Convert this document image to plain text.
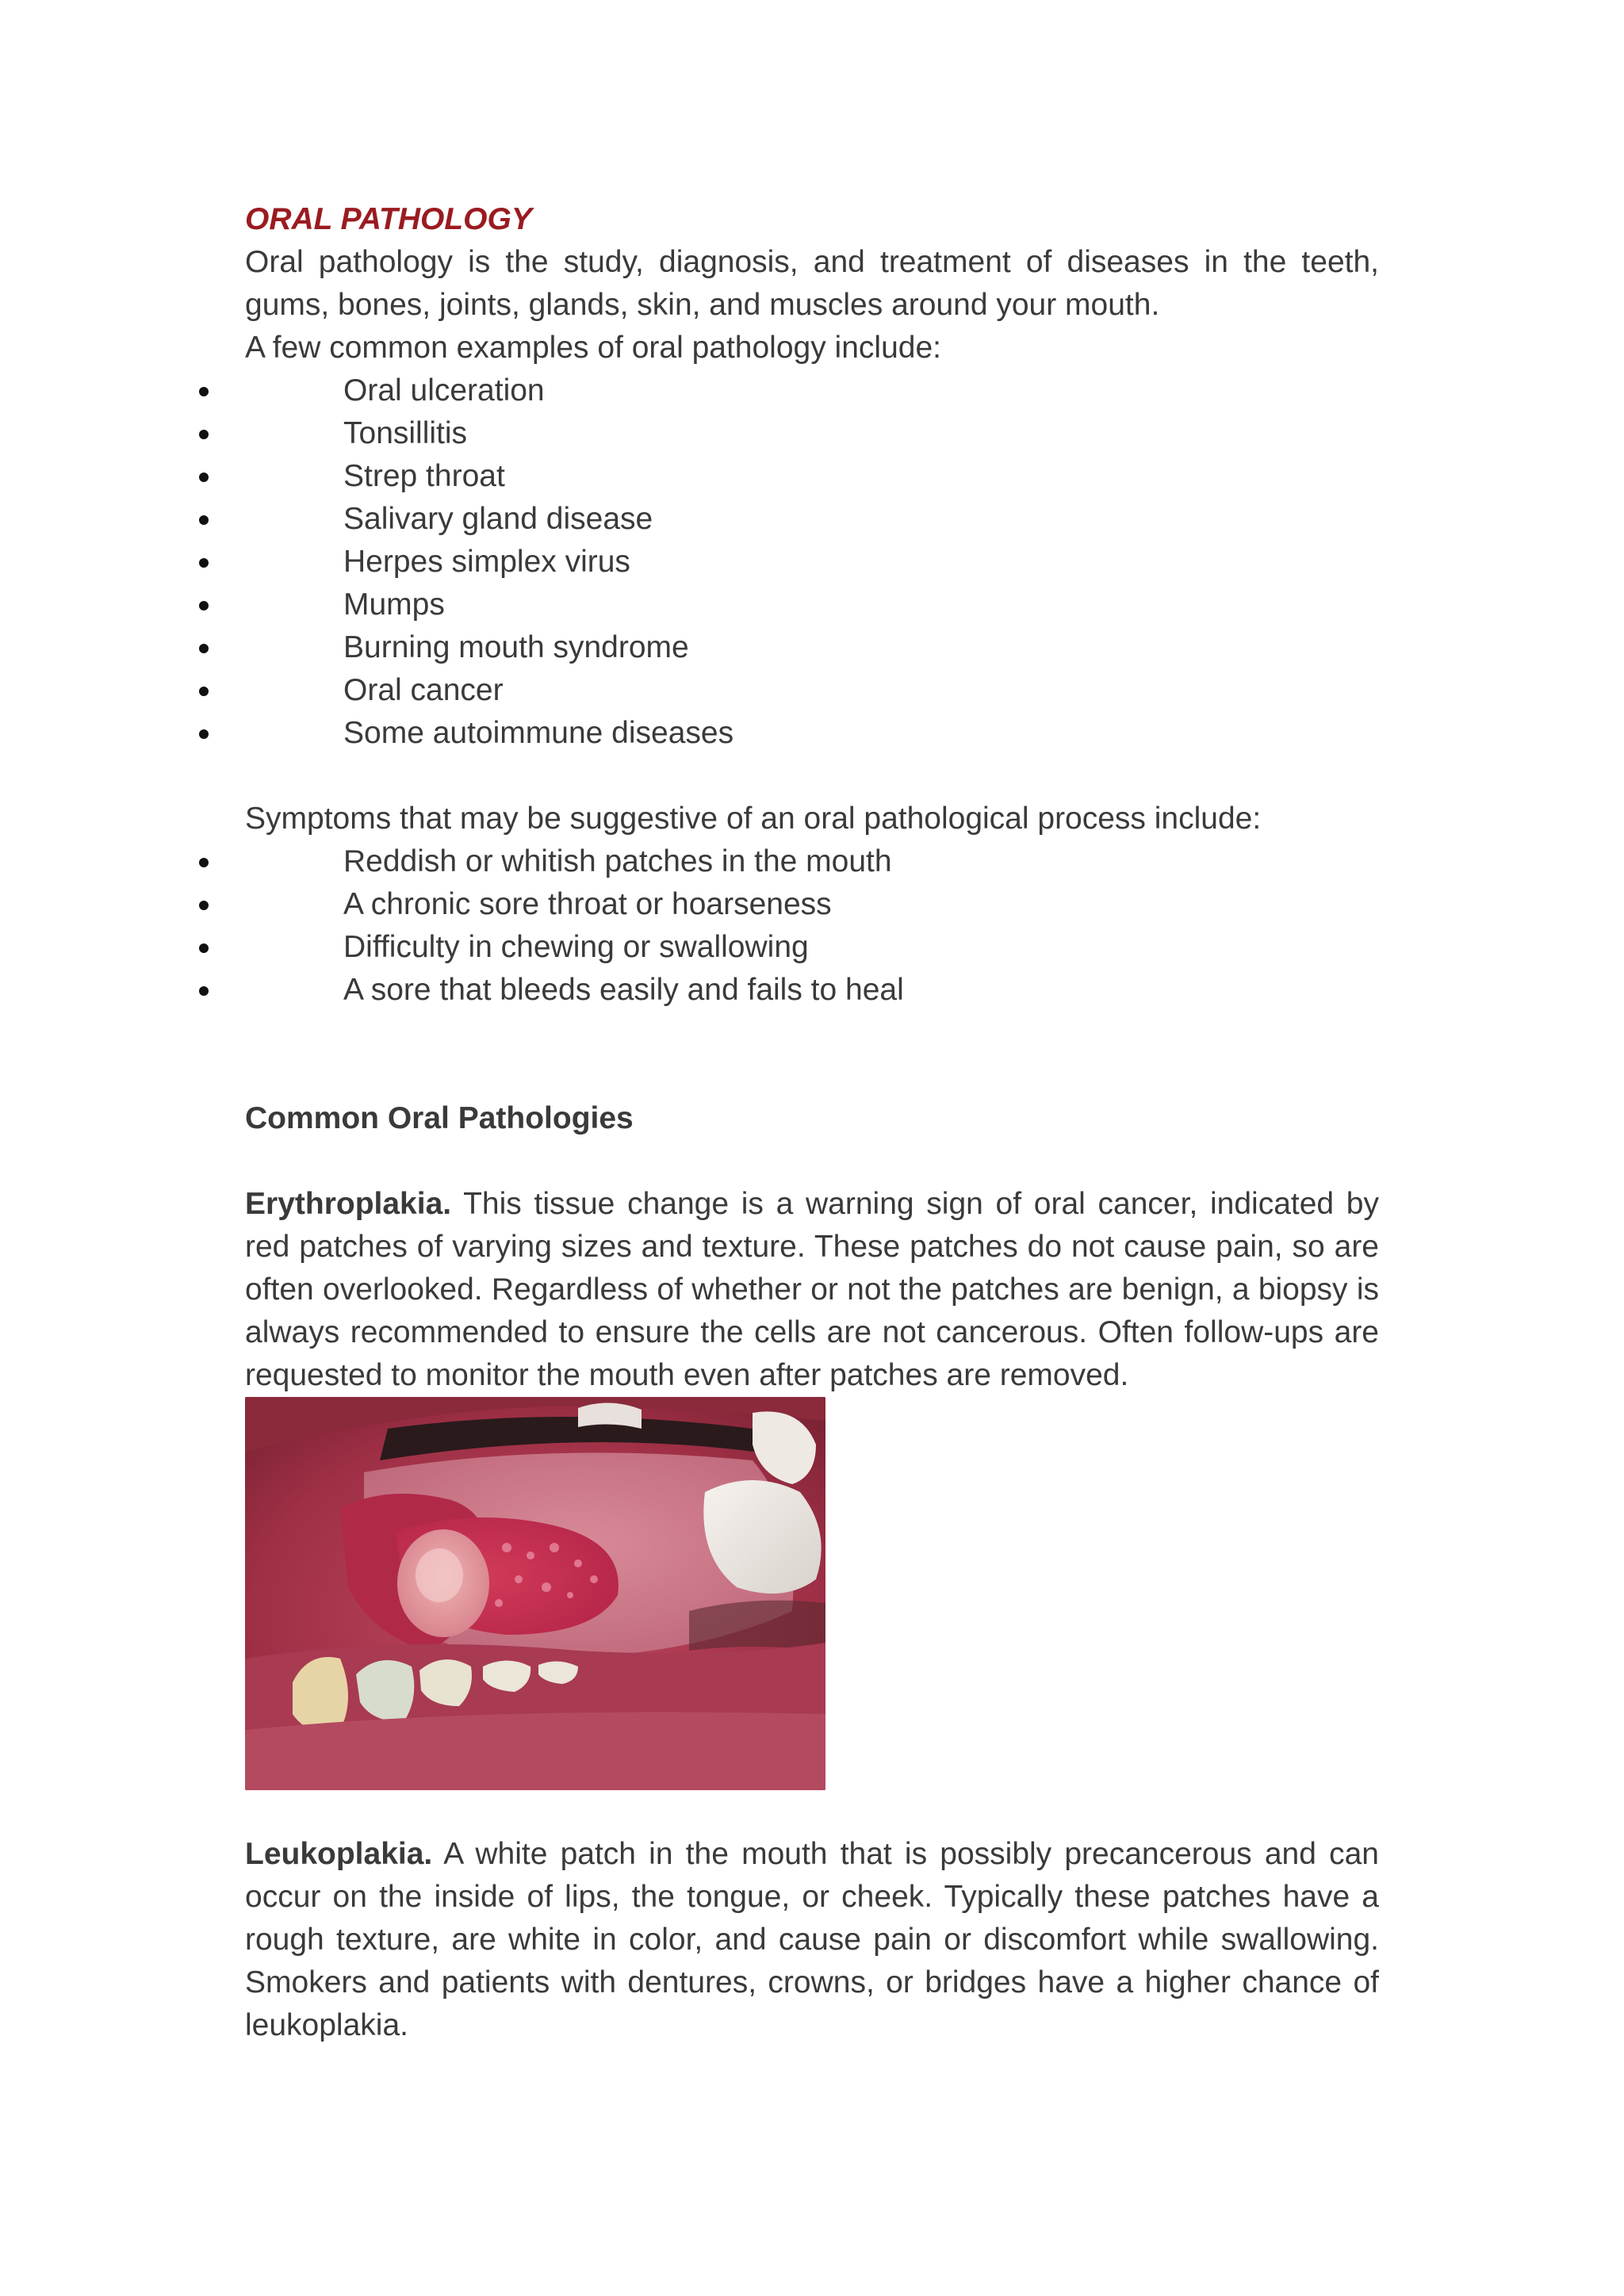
ORAL PATHOLOGY

Oral pathology is the study, diagnosis, and treatment of diseases in the teeth, gums, bones, joints, glands, skin, and muscles around your mouth.

A few common examples of oral pathology include:

Oral ulceration
Tonsillitis
Strep throat
Salivary gland disease
Herpes simplex virus
Mumps
Burning mouth syndrome
Oral cancer
Some autoimmune diseases

Symptoms that may be suggestive of an oral pathological process include:

Reddish or whitish patches in the mouth
A chronic sore throat or hoarseness
Difficulty in chewing or swallowing
A sore that bleeds easily and fails to heal

Common Oral Pathologies

Erythroplakia. This tissue change is a warning sign of oral cancer, indicated by red patches of varying sizes and texture. These patches do not cause pain, so are often overlooked. Regardless of whether or not the patches are benign, a biopsy is always recommended to ensure the cells are not cancerous. Often follow-ups are requested to monitor the mouth even after patches are removed.

Leukoplakia. A white patch in the mouth that is possibly precancerous and can occur on the inside of lips, the tongue, or cheek. Typically these patches have a rough texture, are white in color, and cause pain or discomfort while swallowing. Smokers and patients with dentures, crowns, or bridges have a higher chance of leukoplakia.
